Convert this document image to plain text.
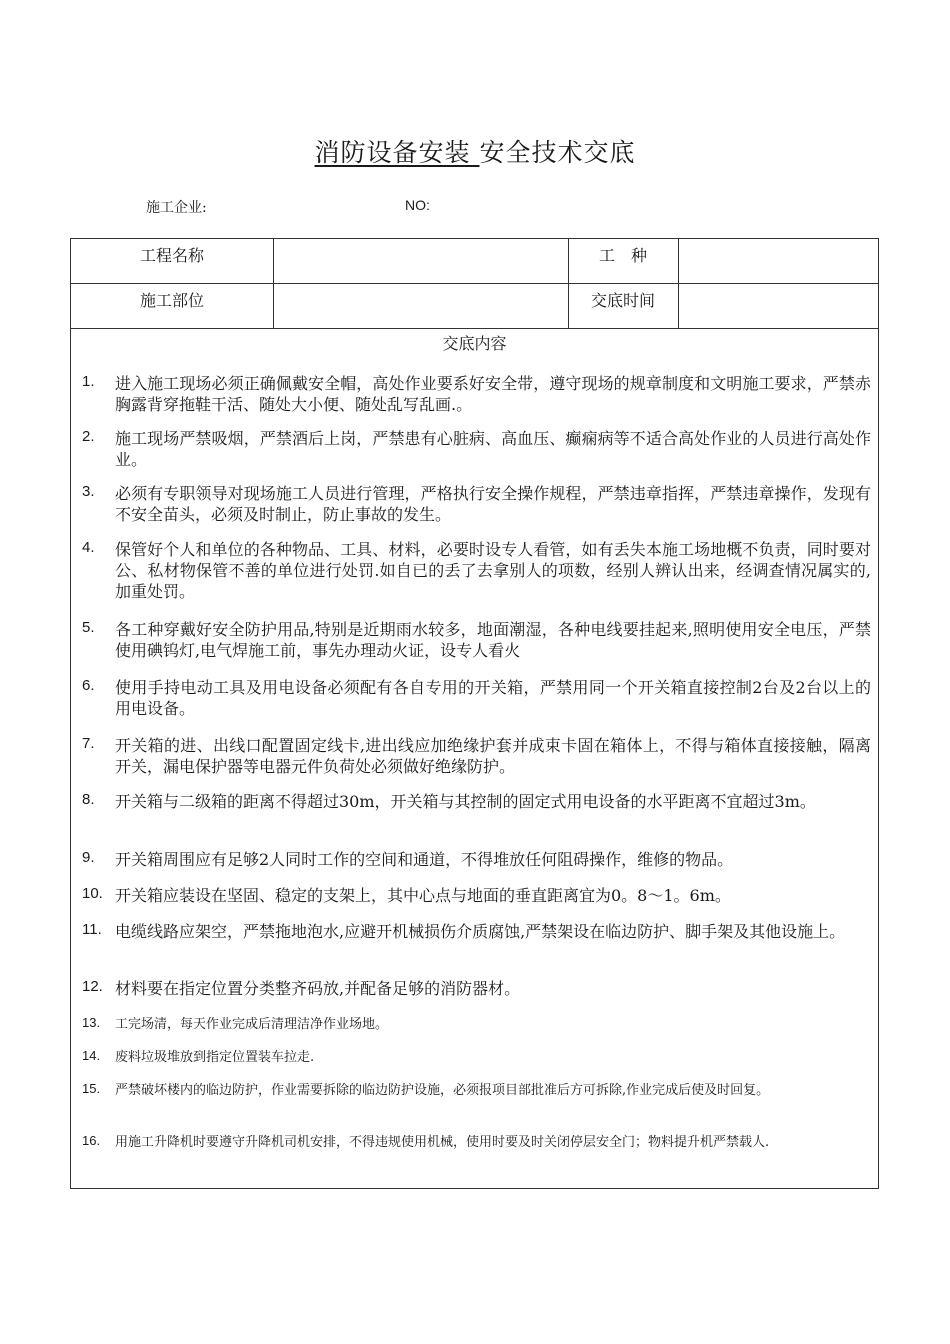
消防设备安装 安全技术交底
施工企业:	NO:
工程名称	工　种
施工部位	交底时间
交底内容
1.	进入施工现场必须正确佩戴安全帽，高处作业要系好安全带，遵守现场的规章制度和文明施工要求，严禁赤胸露背穿拖鞋干活、随处大小便、随处乱写乱画.。
2.	施工现场严禁吸烟，严禁酒后上岗，严禁患有心脏病、高血压、癫痫病等不适合高处作业的人员进行高处作业。
3.	必须有专职领导对现场施工人员进行管理，严格执行安全操作规程，严禁违章指挥，严禁违章操作，发现有不安全苗头，必须及时制止，防止事故的发生。
4.	保管好个人和单位的各种物品、工具、材料，必要时设专人看管，如有丢失本施工场地概不负责，同时要对公、私材物保管不善的单位进行处罚.如自已的丢了去拿别人的项数，经别人辨认出来，经调查情况属实的,加重处罚。
5.	各工种穿戴好安全防护用品,特别是近期雨水较多，地面潮湿，各种电线要挂起来,照明使用安全电压，严禁使用碘钨灯,电气焊施工前，事先办理动火证，设专人看火
6.	使用手持电动工具及用电设备必须配有各自专用的开关箱，严禁用同一个开关箱直接控制2台及2台以上的用电设备。
7.	开关箱的进、出线口配置固定线卡,进出线应加绝缘护套并成束卡固在箱体上，不得与箱体直接接触，隔离开关，漏电保护器等电器元件负荷处必须做好绝缘防护。
8.	开关箱与二级箱的距离不得超过30m，开关箱与其控制的固定式用电设备的水平距离不宜超过3m。
9.	开关箱周围应有足够2人同时工作的空间和通道，不得堆放任何阻碍操作，维修的物品。
10. 开关箱应装设在坚固、稳定的支架上，其中心点与地面的垂直距离宜为0。8～1。6m。
11. 电缆线路应架空，严禁拖地泡水,应避开机械损伤介质腐蚀,严禁架设在临边防护、脚手架及其他设施上。
12. 材料要在指定位置分类整齐码放,并配备足够的消防器材。
13.	工完场清，每天作业完成后清理洁净作业场地。
14.	废料垃圾堆放到指定位置装车拉走.
15.	严禁破坏楼内的临边防护，作业需要拆除的临边防护设施，必须报项目部批准后方可拆除,作业完成后使及时回复。
16.	用施工升降机时要遵守升降机司机安排，不得违规使用机械，使用时要及时关闭停层安全门；物料提升机严禁载人.
